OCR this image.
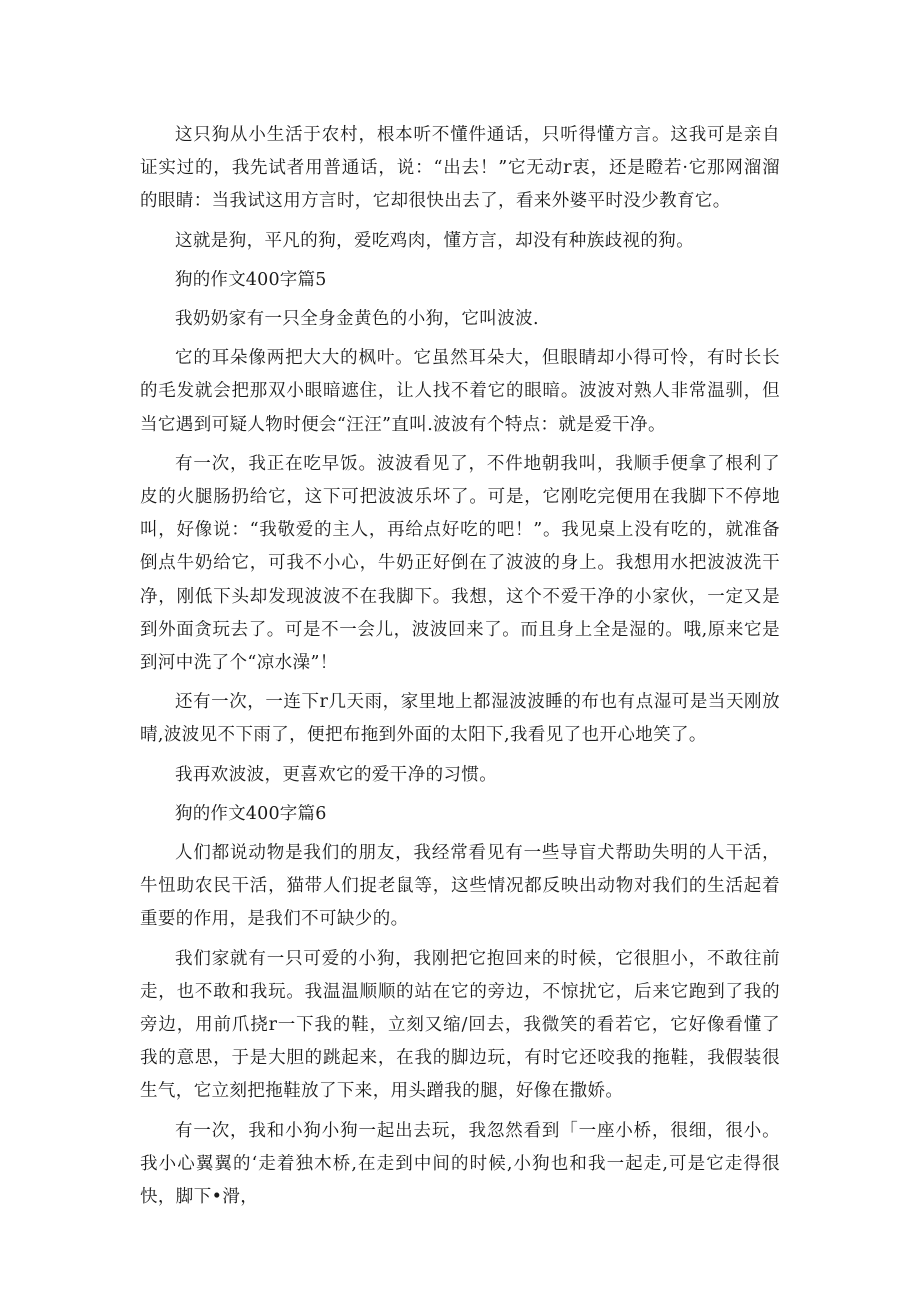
这只狗从小生活于农村，根本听不懂件通话，只听得懂方言。这我可是亲自证实过的，我先试者用普通话，说：“出去！”它无动r衷，还是瞪若·它那网溜溜的眼睛：当我试这用方言时，它却很快出去了，看来外婆平时没少教育它。

这就是狗，平凡的狗，爱吃鸡肉，懂方言，却没有种族歧视的狗。

狗的作文400字篇5

我奶奶家有一只全身金黄色的小狗，它叫波波.

它的耳朵像两把大大的枫叶。它虽然耳朵大，但眼睛却小得可怜，有时长长的毛发就会把那双小眼暗遮住，让人找不着它的眼暗。波波对熟人非常温驯，但当它遇到可疑人物时便会“汪汪”直叫.波波有个特点：就是爱干净。

有一次，我正在吃早饭。波波看见了，不件地朝我叫，我顺手便拿了根利了皮的火腿肠扔给它，这下可把波波乐坏了。可是，它刚吃完便用在我脚下不停地叫，好像说：“我敬爱的主人，再给点好吃的吧！”。我见桌上没有吃的，就准备倒点牛奶给它，可我不小心，牛奶正好倒在了波波的身上。我想用水把波波洗干净，刚低下头却发现波波不在我脚下。我想，这个不爱干净的小家伙，一定又是到外面贪玩去了。可是不一会儿，波波回来了。而且身上全是湿的。哦,原来它是到河中洗了个“凉水澡”！

还有一次，一连下r几天雨，家里地上都湿波波睡的布也有点湿可是当天刚放晴,波波见不下雨了，便把布拖到外面的太阳下,我看见了也开心地笑了。

我再欢波波，更喜欢它的爱干净的习惯。

狗的作文400字篇6

人们都说动物是我们的朋友，我经常看见有一些导盲犬帮助失明的人干活，牛忸助农民干活，猫带人们捉老鼠等，这些情况都反映出动物对我们的生活起着重要的作用，是我们不可缺少的。

我们家就有一只可爱的小狗，我刚把它抱回来的时候，它很胆小，不敢往前走，也不敢和我玩。我温温顺顺的站在它的旁边，不惊扰它，后来它跑到了我的旁边，用前爪挠r一下我的鞋，立刻又缩/回去，我微笑的看若它，它好像看懂了我的意思，于是大胆的跳起来，在我的脚边玩，有时它还咬我的拖鞋，我假装很生气，它立刻把拖鞋放了下来，用头蹭我的腿，好像在撒娇。

有一次，我和小狗小狗一起出去玩，我忽然看到「一座小桥，很细，很小。我小心翼翼的‘走着独木桥,在走到中间的时候,小狗也和我一起走,可是它走得很快，脚下•滑，
